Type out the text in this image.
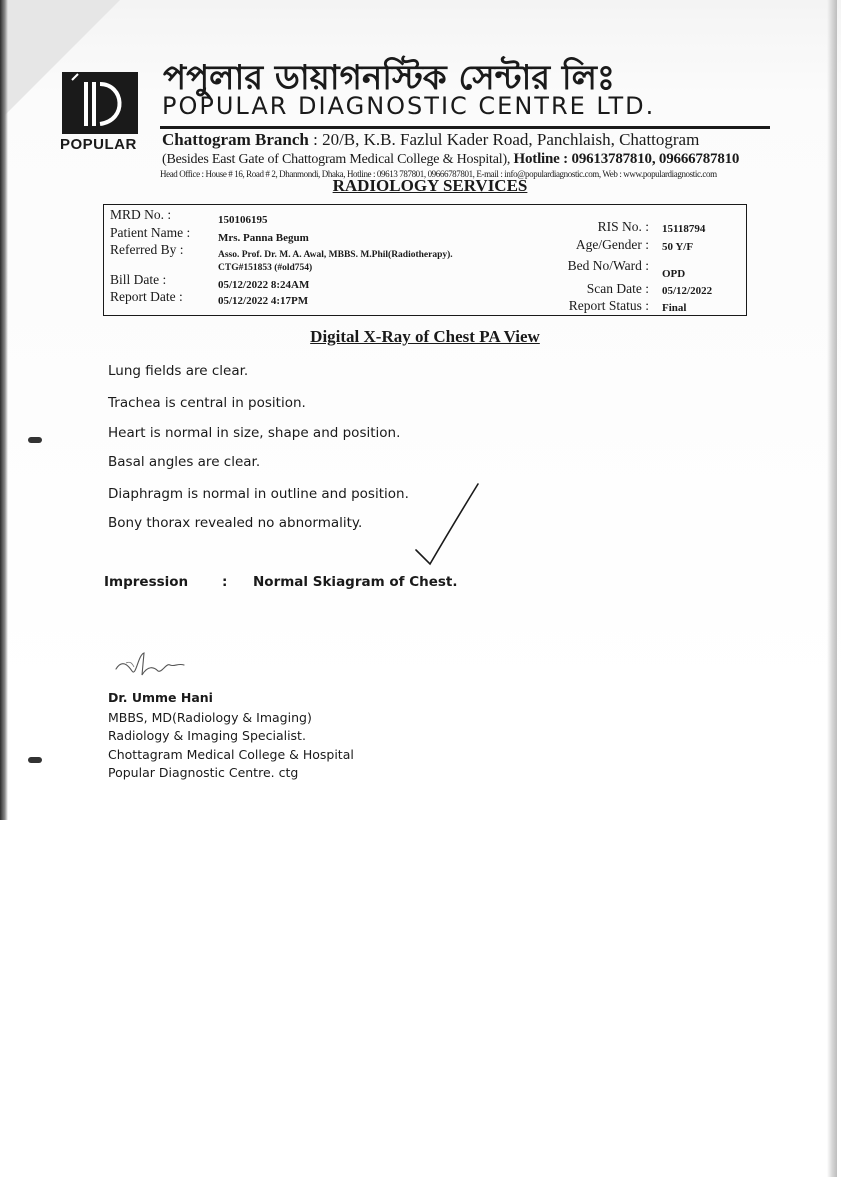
POPULAR
পপুলার ডায়াগনস্টিক সেন্টার লিঃ
POPULAR DIAGNOSTIC CENTRE LTD.
Chattogram Branch : 20/B, K.B. Fazlul Kader Road, Panchlaish, Chattogram
(Besides East Gate of Chattogram Medical College & Hospital), Hotline : 09613787810, 09666787810
Head Office : House # 16, Road # 2, Dhanmondi, Dhaka, Hotline : 09613 787801, 09666787801, E-mail : info@populardiagnostic.com, Web : www.populardiagnostic.com
RADIOLOGY SERVICES
MRD No. :	150106195
Patient Name :	Mrs. Panna Begum
Referred By :	Asso. Prof. Dr. M. A. Awal, MBBS. M.Phil(Radiotherapy).
CTG#151853 (#old754)
Bill Date :	05/12/2022 8:24AM
Report Date :	05/12/2022 4:17PM
RIS No. : 15118794
Age/Gender : 50 Y/F
Bed No/Ward :
OPD
Scan Date : 05/12/2022
Report Status : Final
Digital X-Ray of Chest PA View
Lung fields are clear.
Trachea is central in position.
Heart is normal in size, shape and position.
Basal angles are clear.
Diaphragm is normal in outline and position.
Bony thorax revealed no abnormality.
Impression	: Normal Skiagram of Chest.
Dr. Umme Hani
MBBS, MD(Radiology & Imaging)
Radiology & Imaging Specialist.
Chottagram Medical College & Hospital
Popular Diagnostic Centre. ctg
